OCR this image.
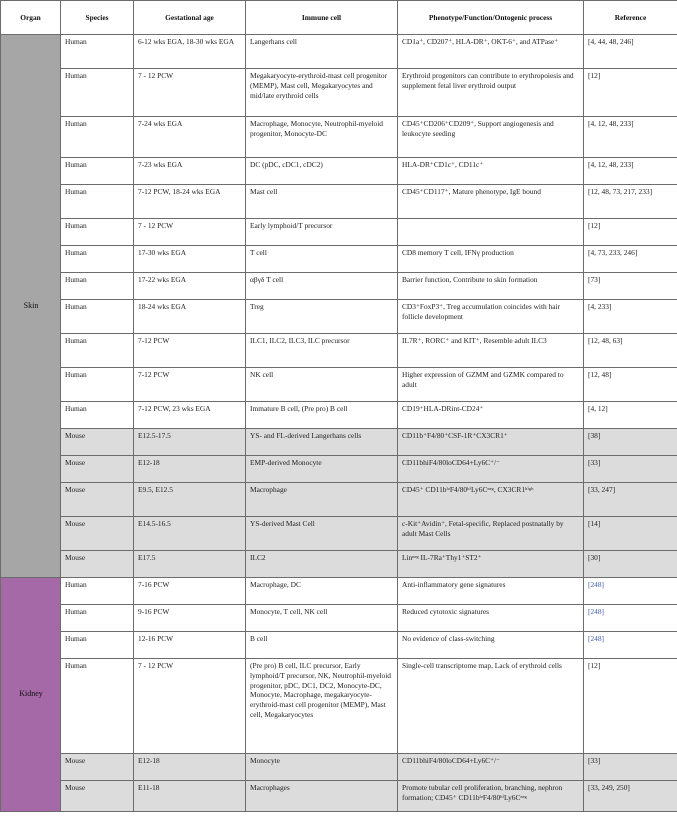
Organ	Species	Gestational age	Immune cell	Phenotype/Function/Ontogenic process	Reference
Skin	Human	6-12 wks EGA, 18-30 wks EGA	Langerhans cell	CD1a⁺, CD207⁺, HLA-DR⁺, OKT-6⁺, and ATPase⁺	[4, 44, 48, 246]
	Human	7 - 12 PCW	Megakaryocyte-erythroid-mast cell progenitor (MEMP), Mast cell, Megakaryocytes and mid/late erythroid cells	Erythroid progenitors can contribute to erythropoiesis and supplement fetal liver erythroid output	[12]
	Human	7-24 wks EGA	Macrophage, Monocyte, Neutrophil-myeloid progenitor, Monocyte-DC	CD45⁺CD206⁺CD209⁺, Support angiogenesis and leukocyte seeding	[4, 12, 48, 233]
	Human	7-23 wks EGA	DC (pDC, cDC1, cDC2)	HLA-DR⁺CD1c⁺, CD11c⁺	[4, 12, 48, 233]
	Human	7-12 PCW, 18-24 wks EGA	Mast cell	CD45⁺CD117⁺, Mature phenotype, IgE bound	[12, 48, 73, 217, 233]
	Human	7 - 12 PCW	Early lymphoid/T precursor		[12]
	Human	17-30 wks EGA	T cell	CD8 memory T cell, IFNγ production	[4, 73, 233, 246]
	Human	17-22 wks EGA	αβγδ T cell	Barrier function, Contribute to skin formation	[73]
	Human	18-24 wks EGA	Treg	CD3⁺FoxP3⁺, Treg accumulation coincides with hair follicle development	[4, 233]
	Human	7-12 PCW	ILC1, ILC2, ILC3, ILC precursor	IL7R⁺, RORC⁺ and KIT⁺, Resemble adult ILC3	[12, 48, 63]
	Human	7-12 PCW	NK cell	Higher expression of GZMM and GZMK compared to adult	[12, 48]
	Human	7-12 PCW, 23 wks EGA	Immature B cell, (Pre pro) B cell	CD19⁺HLA-DRint-CD24⁺	[4, 12]
	Mouse	E12.5-17.5	YS- and FL-derived Langerhans cells	CD11b⁺F4/80⁺CSF-1R⁺CX3CR1⁺	[38]
	Mouse	E12-18	EMP-derived Monocyte	CD11bhiF4/80loCD64+Ly6C⁺/⁻	[33]
	Mouse	E9.5, E12.5	Macrophage	CD45⁺ CD11bˡᵒF4/80ʰⁱLy6Cⁿᵉᵍ, CX3CR1ʰⁱᵍʰ	[33, 247]
	Mouse	E14.5-16.5	YS-derived Mast Cell	c-Kit⁺Avidin⁺, Fetal-specific, Replaced postnatally by adult Mast Cells	[14]
	Mouse	E17.5	ILC2	Linⁿᵉᵍ IL-7Ra⁺Thy1⁺ST2⁺	[30]
Kidney	Human	7-16 PCW	Macrophage, DC	Anti-inflammatory gene signatures	[248]
	Human	9-16 PCW	Monocyte, T cell, NK cell	Reduced cytotoxic signatures	[248]
	Human	12-16 PCW	B cell	No evidence of class-switching	[248]
	Human	7 - 12 PCW	(Pre pro) B cell, ILC precursor, Early lymphoid/T precursor, NK, Neutrophil-myeloid progenitor, pDC, DC1, DC2, Monocyte-DC, Monocyte, Macrophage, megakaryocyte-erythroid-mast cell progenitor (MEMP), Mast cell, Megakaryocytes	Single-cell transcriptome map, Lack of erythroid cells	[12]
	Mouse	E12-18	Monocyte	CD11bhiF4/80loCD64+Ly6C⁺/⁻	[33]
	Mouse	E11-18	Macrophages	Promote tubular cell proliferation, branching, nephron formation; CD45⁺ CD11bˡᵒF4/80ʰⁱLy6Cⁿᵉᵍ	[33, 249, 250]
